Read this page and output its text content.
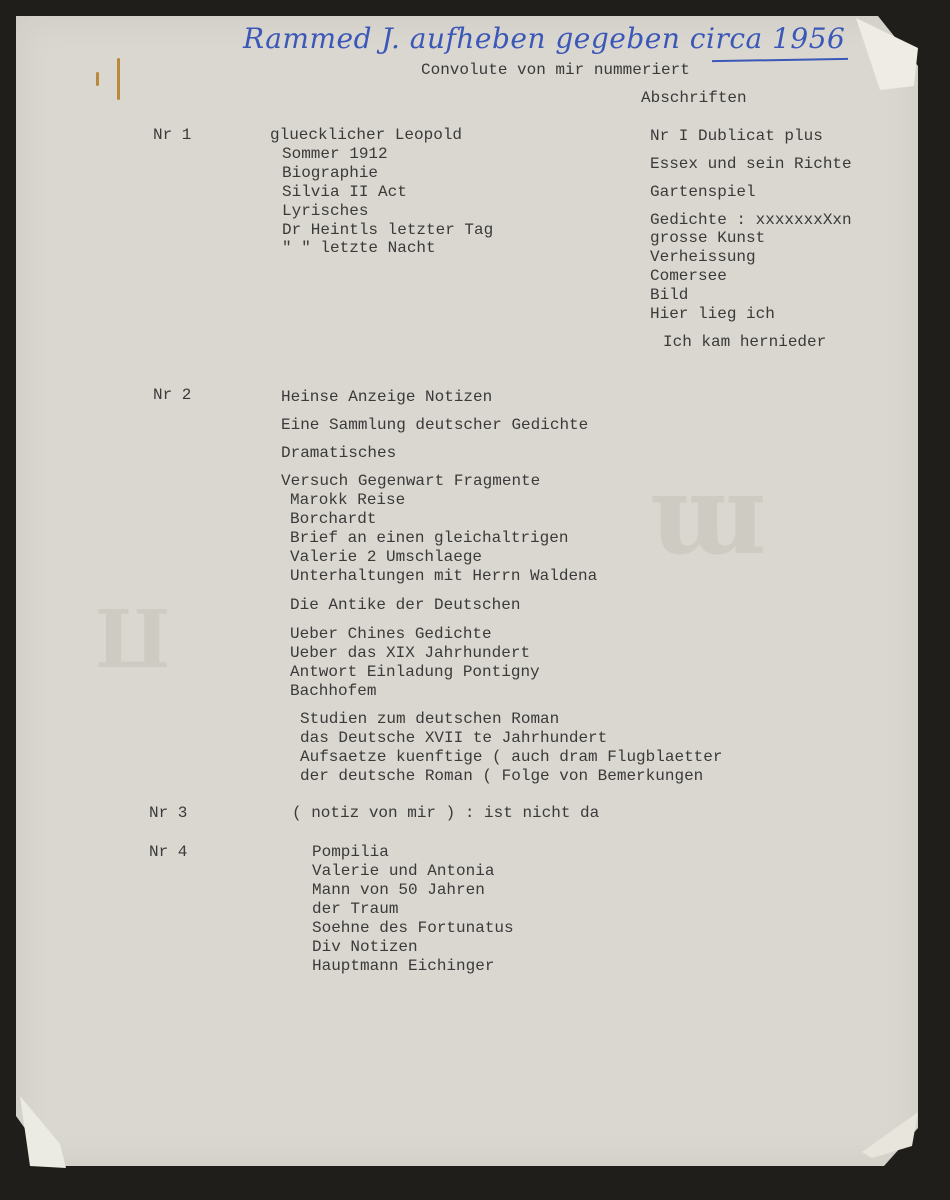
m
П
Rammed J. aufheben gegeben circa 1956
Convolute von mir nummeriert
Abschriften
Nr I Dublicat plus
Essex und sein Richte
Gartenspiel
Gedichte : xxxxxxxXxn
grosse Kunst
Verheissung
Comersee
Bild
Hier lieg ich
Ich kam hernieder
Nr 1	gluecklicher Leopold
Sommer 1912
Biographie
Silvia II Act
Lyrisches
Dr Heintls letzter Tag
" " letzte Nacht
Nr 2	Heinse Anzeige Notizen
Eine Sammlung deutscher Gedichte
Dramatisches
Versuch Gegenwart Fragmente
Marokk Reise
Borchardt
Brief an einen gleichaltrigen
Valerie 2 Umschlaege
Unterhaltungen mit Herrn Waldena
Die Antike der Deutschen
Ueber Chines Gedichte
Ueber das XIX Jahrhundert
Antwort Einladung Pontigny
Bachhofem
Studien zum deutschen Roman
das Deutsche XVII te Jahrhundert
Aufsaetze kuenftige ( auch dram Flugblaetter
der deutsche Roman ( Folge von Bemerkungen
Nr 3	( notiz von mir ) : ist nicht da
Nr 4	Pompilia
Valerie und Antonia
Mann von 50 Jahren
der Traum
Soehne des Fortunatus
Div Notizen
Hauptmann Eichinger
